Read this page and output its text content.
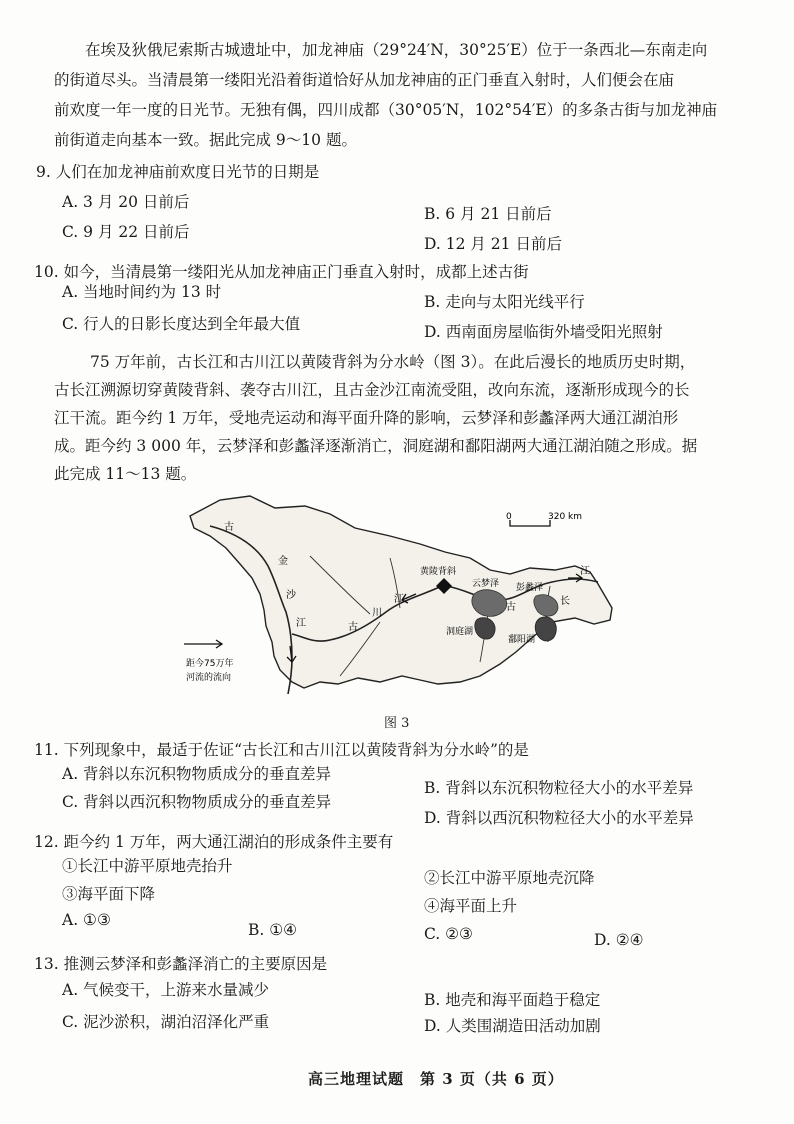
在埃及狄俄尼索斯古城遗址中，加龙神庙（29°24′N，30°25′E）位于一条西北—东南走向
的街道尽头。当清晨第一缕阳光沿着街道恰好从加龙神庙的正门垂直入射时，人们便会在庙
前欢度一年一度的日光节。无独有偶，四川成都（30°05′N，102°54′E）的多条古街与加龙神庙
前街道走向基本一致。据此完成 9～10 题。
9. 人们在加龙神庙前欢度日光节的日期是
A. 3 月 20 日前后
B. 6 月 21 日前后
C. 9 月 22 日前后
D. 12 月 21 日前后
10. 如今，当清晨第一缕阳光从加龙神庙正门垂直入射时，成都上述古街
A. 当地时间约为 13 时
B. 走向与太阳光线平行
C. 行人的日影长度达到全年最大值	D. 西南面房屋临街外墙受阳光照射
75 万年前，古长江和古川江以黄陵背斜为分水岭（图 3）。在此后漫长的地质历史时期，
古长江溯源切穿黄陵背斜、袭夺古川江，且古金沙江南流受阻，改向东流，逐渐形成现今的长
江干流。距今约 1 万年，受地壳运动和海平面升降的影响，云梦泽和彭蠡泽两大通江湖泊形
成。距今约 3 000 年，云梦泽和彭蠡泽逐渐消亡，洞庭湖和鄱阳湖两大通江湖泊随之形成。据
此完成 11～13 题。
0	320 km
黄陵背斜
云梦泽 彭蠡泽
洞庭湖
鄱阳湖
古
金
沙
江	古
川
江
古
长
江
距今75万年
河流的流向
图 3
11. 下列现象中，最适于佐证“古长江和古川江以黄陵背斜为分水岭”的是
A. 背斜以东沉积物物质成分的垂直差异
B. 背斜以东沉积物粒径大小的水平差异
C. 背斜以西沉积物物质成分的垂直差异
D. 背斜以西沉积物粒径大小的水平差异
12. 距今约 1 万年，两大通江湖泊的形成条件主要有
①长江中游平原地壳抬升
②长江中游平原地壳沉降
③海平面下降
④海平面上升
A. ①③
B. ①④	C. ②③	D. ②④
13. 推测云梦泽和彭蠡泽消亡的主要原因是
A. 气候变干，上游来水量减少
B. 地壳和海平面趋于稳定
C. 泥沙淤积，湖泊沼泽化严重	D. 人类围湖造田活动加剧
高三地理试题　第 3 页（共 6 页）
